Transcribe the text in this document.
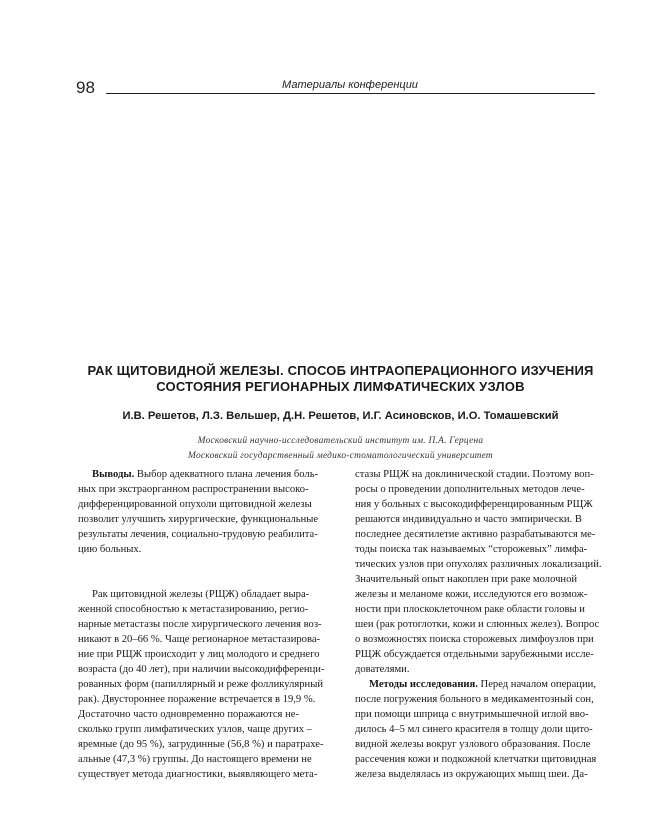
98	Материалы конференции
РАК ЩИТОВИДНОЙ ЖЕЛЕЗЫ. СПОСОБ ИНТРАОПЕРАЦИОННОГО ИЗУЧЕНИЯ
СОСТОЯНИЯ РЕГИОНАРНЫХ ЛИМФАТИЧЕСКИХ УЗЛОВ
И.В. Решетов, Л.З. Вельшер, Д.Н. Решетов, И.Г. Асиновсков, И.О. Томашевский
Московский научно-исследовательский институт им. П.А. Герцена
Московский государственный медико-стоматологический университет
Выводы. Выбор адекватного плана лечения боль-
ных при экстраорганном распространении высоко-
дифференцированной опухоли щитовидной железы
позволит улучшить хирургические, функциональные
результаты лечения, социально-трудовую реабилита-
цию больных.
Рак щитовидной железы (РЩЖ) обладает выра-
женной способностью к метастазированию, регио-
нарные метастазы после хирургического лечения воз-
никают в 20–66 %. Чаще регионарное метастазирова-
ние при РЩЖ происходит у лиц молодого и среднего
возраста (до 40 лет), при наличии высокодифференци-
рованных форм (папиллярный и реже фолликулярный
рак). Двустороннее поражение встречается в 19,9 %.
Достаточно часто одновременно поражаются не-
сколько групп лимфатических узлов, чаще других –
яремные (до 95 %), загрудинные (56,8 %) и паратрахе-
альные (47,3 %) группы. До настоящего времени не
существует метода диагностики, выявляющего мета-
стазы РЩЖ на доклинической стадии. Поэтому воп-
росы о проведении дополнительных методов лече-
ния у больных с высокодифференцированным РЩЖ
решаются индивидуально и часто эмпирически. В
последнее десятилетие активно разрабатываются ме-
тоды поиска так называемых “сторожевых” лимфа-
тических узлов при опухолях различных локализаций.
Значительный опыт накоплен при раке молочной
железы и меланоме кожи, исследуются его возмож-
ности при плоскоклеточном раке области головы и
шеи (рак ротоглотки, кожи и слюнных желез). Вопрос
о возможностях поиска сторожевых лимфоузлов при
РЩЖ обсуждается отдельными зарубежными иссле-
дователями.
Методы исследования. Перед началом операции,
после погружения больного в медикаментозный сон,
при помощи шприца с внутримышечной иглой вво-
дилось 4–5 мл синего красителя в толщу доли щито-
видной железы вокруг узлового образования. После
рассечения кожи и подкожной клетчатки щитовидная
железа выделялась из окружающих мышц шеи. Да-
